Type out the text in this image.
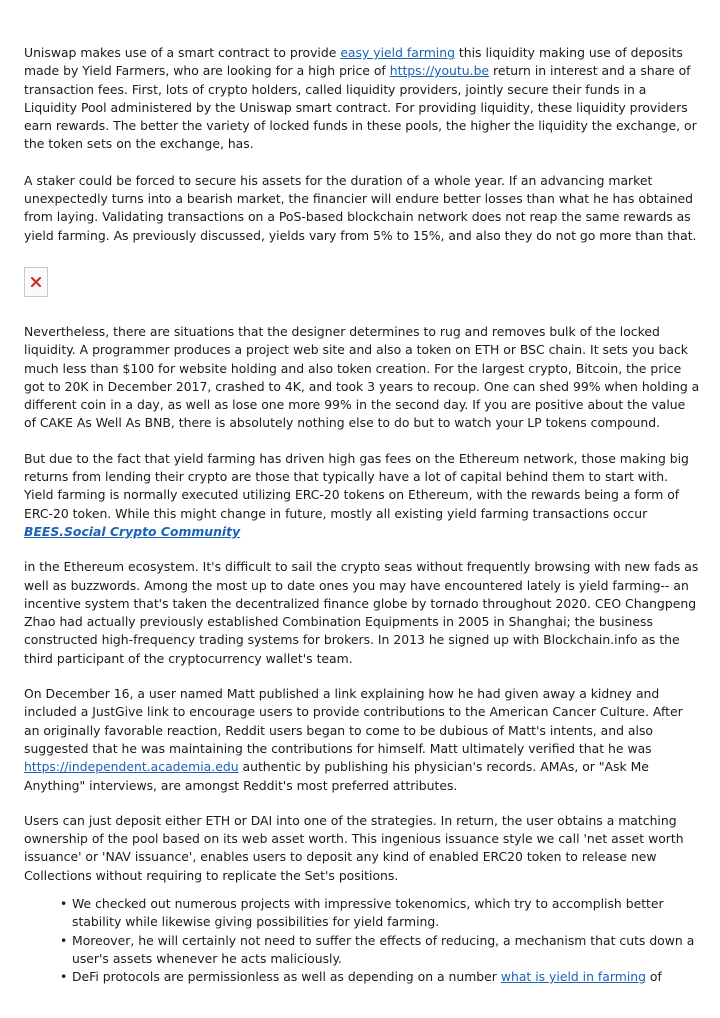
Uniswap makes use of a smart contract to provide easy yield farming this liquidity making use of deposits made by Yield Farmers, who are looking for a high price of https://youtu.be return in interest and a share of transaction fees. First, lots of crypto holders, called liquidity providers, jointly secure their funds in a Liquidity Pool administered by the Uniswap smart contract. For providing liquidity, these liquidity providers earn rewards. The better the variety of locked funds in these pools, the higher the liquidity the exchange, or the token sets on the exchange, has.

A staker could be forced to secure his assets for the duration of a whole year. If an advancing market unexpectedly turns into a bearish market, the financier will endure better losses than what he has obtained from laying. Validating transactions on a PoS-based blockchain network does not reap the same rewards as yield farming. As previously discussed, yields vary from 5% to 15%, and also they do not go more than that.

Nevertheless, there are situations that the designer determines to rug and removes bulk of the locked liquidity. A programmer produces a project web site and also a token on ETH or BSC chain. It sets you back much less than $100 for website holding and also token creation. For the largest crypto, Bitcoin, the price got to 20K in December 2017, crashed to 4K, and took 3 years to recoup. One can shed 99% when holding a different coin in a day, as well as lose one more 99% in the second day. If you are positive about the value of CAKE As Well As BNB, there is absolutely nothing else to do but to watch your LP tokens compound.

But due to the fact that yield farming has driven high gas fees on the Ethereum network, those making big returns from lending their crypto are those that typically have a lot of capital behind them to start with. Yield farming is normally executed utilizing ERC-20 tokens on Ethereum, with the rewards being a form of ERC-20 token. While this might change in future, mostly all existing yield farming transactions occur BEES.Social Crypto Community

in the Ethereum ecosystem. It's difficult to sail the crypto seas without frequently browsing with new fads as well as buzzwords. Among the most up to date ones you may have encountered lately is yield farming-- an incentive system that's taken the decentralized finance globe by tornado throughout 2020. CEO Changpeng Zhao had actually previously established Combination Equipments in 2005 in Shanghai; the business constructed high-frequency trading systems for brokers. In 2013 he signed up with Blockchain.info as the third participant of the cryptocurrency wallet's team.

On December 16, a user named Matt published a link explaining how he had given away a kidney and included a JustGive link to encourage users to provide contributions to the American Cancer Culture. After an originally favorable reaction, Reddit users began to come to be dubious of Matt's intents, and also suggested that he was maintaining the contributions for himself. Matt ultimately verified that he was https://independent.academia.edu authentic by publishing his physician's records. AMAs, or "Ask Me Anything" interviews, are amongst Reddit's most preferred attributes.

Users can just deposit either ETH or DAI into one of the strategies. In return, the user obtains a matching ownership of the pool based on its web asset worth. This ingenious issuance style we call 'net asset worth issuance' or 'NAV issuance', enables users to deposit any kind of enabled ERC20 token to release new Collections without requiring to replicate the Set's positions.

• We checked out numerous projects with impressive tokenomics, which try to accomplish better stability while likewise giving possibilities for yield farming.
• Moreover, he will certainly not need to suffer the effects of reducing, a mechanism that cuts down a user's assets whenever he acts maliciously.
• DeFi protocols are permissionless as well as depending on a number what is yield in farming of
